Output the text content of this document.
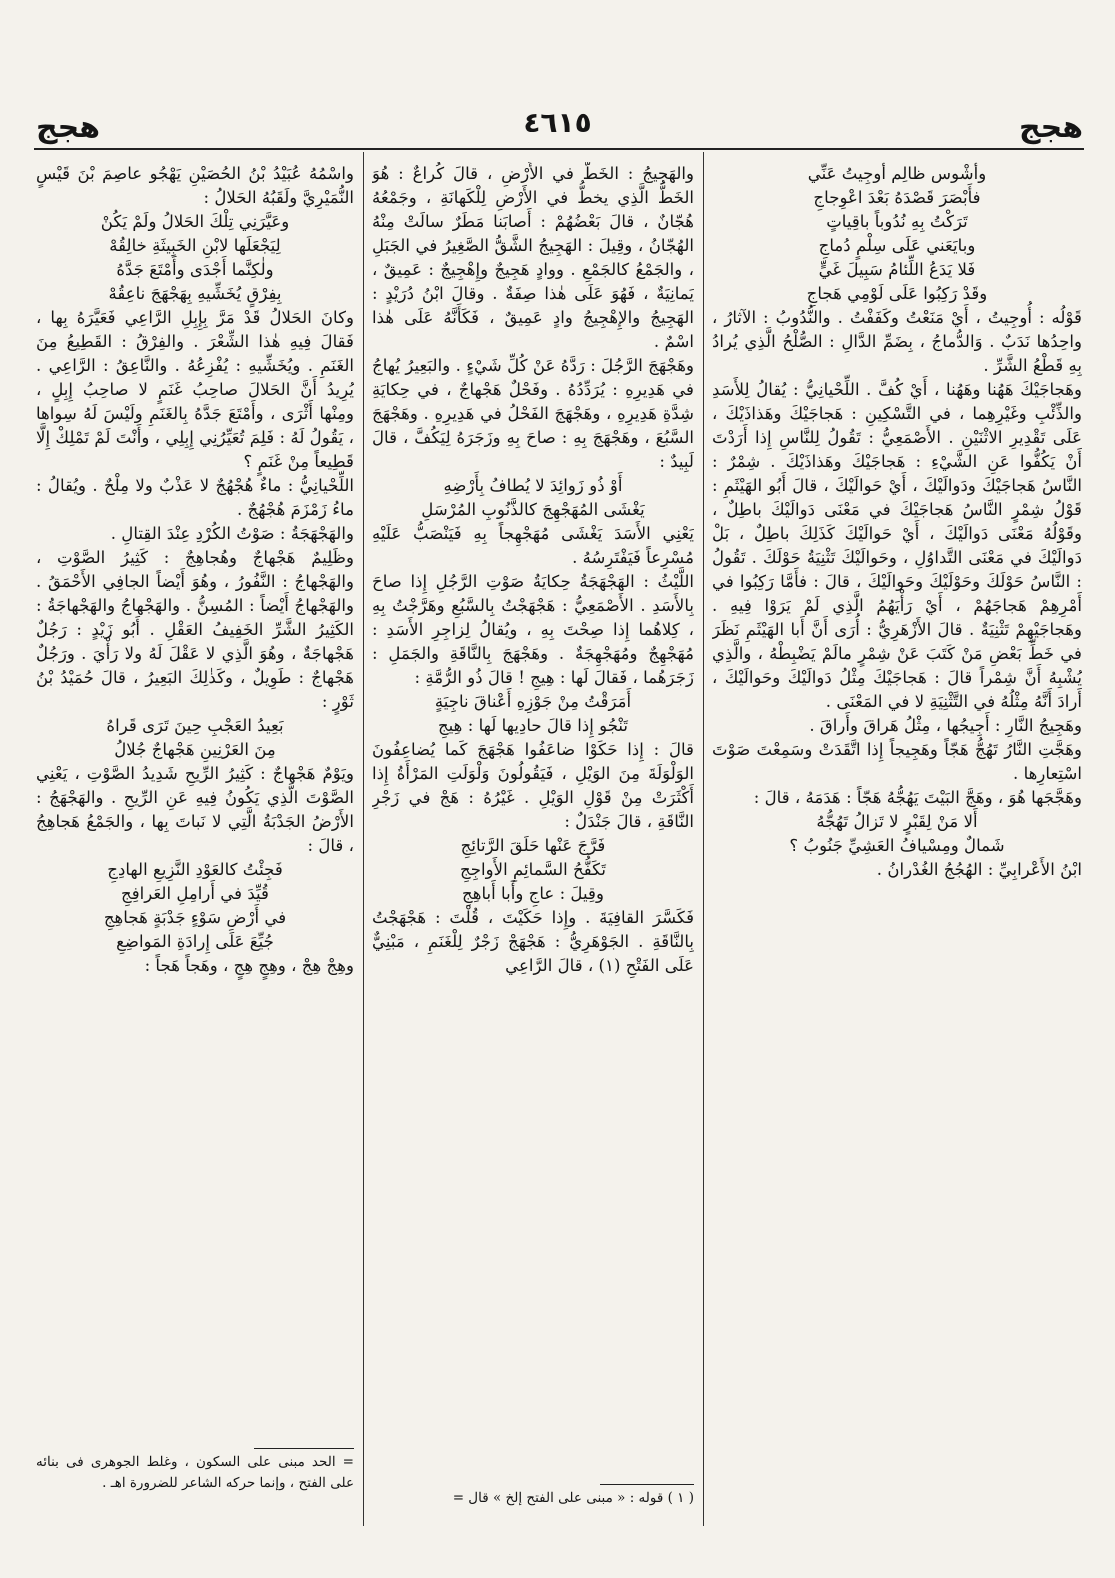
هجج
٤٦١٥
هجج

وأشْوس ظالِم أُوجِيتُ عَنِّي

فأَبْصَرَ قَصْدَهُ بَعْدَ اعْوِجاجِ

تَرَكْتُ بِهِ نُدُوباً باقِياتٍ

وبايَعَني عَلَى سِلْمٍ دُماجِ

فَلا يَدَعُ اللِّئامُ سَبِيلَ غَيٍّ

وقَدْ رَكِبُوا عَلَى لَوْمِي هَجاجِ

قَوْلُه : أُوجِيتُ ، أَيْ مَنَعْتُ وكَفَفْتُ . والنُّدُوبُ : الآثارُ ، واحِدُها نَدَبٌ . وَالدُّماجُ ، بِضَمِّ الدَّالِ : الصُّلْحُ الَّذِي يُرادُ بِهِ قَطْعُ الشَّرِّ .

وهَجاجَيْكَ هَهُنا وهَهُنا ، أَيْ كُفَّ . اللِّحْيانِيُّ : يُقالُ لِلأَسَدِ والذِّئْبِ وغَيْرِهِما ، في التَّسْكِينِ : هَجاجَيْكَ وهَذاذَيْكَ ، عَلَى تَقْدِيرِ الاثْنَيْنِ . الأَصْمَعِيُّ : تَقُولُ لِلنَّاسِ إِذا أَرَدْتَ أَنْ يَكُفُّوا عَنِ الشَّيْءِ : هَجاجَيْكَ وهَذاذَيْكَ . شِمْرٌ : النَّاسُ هَجاجَيْكَ ودَوالَيْكَ ، أَيْ حَوالَيْكَ ، قالَ أَبُو الهَيْثَمِ : قَوْلُ شِمْرٍ النَّاسُ هَجاجَيْكَ في مَعْنَى دَوالَيْكَ باطِلٌ ، وقَوْلُهُ مَعْنَى دَوالَيْكَ ، أَيْ حَوالَيْكَ كَذَلِكَ باطِلٌ ، بَلْ دَوالَيْكَ في مَعْنَى التَّداوُلِ ، وحَوالَيْكَ تَثْنِيَةُ حَوْلَكَ . تَقُولُ : النَّاسُ حَوْلَكَ وحَوْلَيْكَ وحَوالَيْكَ ، قالَ : فأَمَّا رَكِبُوا في أَمْرِهِمْ هَجاجَهُمْ ، أَيْ رَأْيَهُمُ الَّذِي لَمْ يَرَوْا فِيهِ . وهَجاجَيْهِمْ تَثْنِيَةٌ . قالَ الأَزْهَرِيُّ : أُرَى أَنَّ أَبا الهَيْثَمِ نَظَرَ في خَطِّ بَعْضِ مَنْ كَتَبَ عَنْ شِمْرٍ مالَمْ يَضْبِطْهُ ، والَّذِي يُشْبِهُ أَنَّ شِمْراً قالَ : هَجاجَيْكَ مِثْلُ دَوالَيْكَ وحَوالَيْكَ ، أَرادَ أَنَّهُ مِثْلُهُ في التَّثْنِيَةِ لا في المَعْنَى .

وهَجِيجُ النَّارِ : أَجِيجُها ، مِثْلُ هَراقَ وأَراقَ .

وهَجَّتِ النَّارُ تَهُجُّ هَجّاً وهَجِيجاً إِذا اتَّقَدَتْ وسَمِعْتَ صَوْتَ اسْتِعارِها .

وهَجَّجَها هُوَ ، وهَجَّ البَيْتَ يَهُجُّهُ هَجّاً : هَدَمَهُ ، قالَ :

أَلا مَنْ لِقَبْرٍ لا تَزالُ تَهُجُّهُ

شَمالٌ ومِسْيافُ العَشِيِّ جَنُوبُ ؟

ابْنُ الأَعْرابِيِّ : الهُجُجُ الغُدْرانُ .

والهَجِيجُ : الخَطُّ في الأَرْضِ ، قالَ كُراعٌ : هُوَ الخَطُّ الَّذِي يخطُّ في الأَرْضِ لِلْكَهانَةِ ، وجَمْعُهُ هُجّانٌ ، قالَ بَعْضُهُمْ : أَصابَنا مَطَرٌ سالَتْ مِنْهُ الهُجّانُ ، وقِيلَ : الهَجِيجُ الشَّقُّ الصَّغِيرُ في الجَبَلِ ، والجَمْعُ كالجَمْعِ . ووادٍ هَجِيجٌ وإِهْجِيجٌ : عَمِيقٌ ، يَمانِيَةٌ ، فَهُوَ عَلَى هٰذا صِفَةٌ . وقالَ ابْنُ دُرَيْدٍ : الهَجِيجُ والإِهْجِيجُ وادٍ عَمِيقٌ ، فَكَأَنَّهُ عَلَى هٰذا اسْمٌ .

وهَجْهَجَ الرَّجُلَ : رَدَّهُ عَنْ كُلِّ شَيْءٍ . والبَعِيرُ يُهاجُ في هَدِيرِهِ : يُرَدِّدُهُ . وفَحْلٌ هَجْهاجٌ ، في حِكايَةِ شِدَّةِ هَدِيرِهِ ، وهَجْهَجَ الفَحْلُ في هَدِيرِهِ . وهَجْهَجَ السَّبُعَ ، وهَجْهَجَ بِهِ : صاحَ بِهِ وزَجَرَهُ لِيَكُفَّ ، قالَ لَبِيدٌ :

أَوْ ذُو زَوائِدَ لا يُطافُ بِأَرْضِهِ

يَغْشَى المُهَجْهِجَ كالذَّنُوبِ المُرْسَلِ

يَعْنِي الأَسَدَ يَغْشَى مُهَجْهِجاً بِهِ فَيَنْصَبُّ عَلَيْهِ مُسْرِعاً فَيَفْتَرِسُهُ .

اللَّيْثُ : الهَجْهَجَةُ حِكايَةُ صَوْتِ الرَّجُلِ إِذا صاحَ بِالأَسَدِ . الأَصْمَعِيُّ : هَجْهَجْتُ بِالسَّبُعِ وهَرَّجْتُ بِهِ ، كِلاهُما إِذا صِحْتَ بِهِ ، ويُقالُ لِزاجِرِ الأَسَدِ : مُهَجْهِجٌ ومُهَجْهِجَةٌ . وهَجْهَجَ بِالنَّاقَةِ والجَمَلِ : زَجَرَهُما ، فَقالَ لَها : هِيجِ ! قالَ ذُو الرُّمَّةِ :

أَمَرَقْتُ مِنْ جَوْزِهِ أَعْناقَ ناجِيَةٍ

تَنْجُو إِذا قالَ حادِيها لَها : هِيجِ

قالَ : إِذا حَكَوْا ضاعَفُوا هَجْهَجَ كَما يُضاعِفُونَ الوَلْوَلَةَ مِنَ الوَيْلِ ، فَيَقُولُونَ وَلْوَلَتِ المَرْأَةُ إِذا أَكْثَرَتْ مِنْ قَوْلِ الوَيْلِ . غَيْرُهُ : هَجْ في زَجْرِ النَّاقَةِ ، قالَ جَنْدَلٌ :

فَرَّجَ عَنْها حَلَقَ الرَّتائِجِ

تَكَفُّحُ السَّمائِمِ الأَواجِجِ

وقِيلَ : عاجِ وأَبا أَباهِجِ

فَكَسَّرَ القافِيَةَ . وإِذا حَكَيْتَ ، قُلْتَ : هَجْهَجْتُ بِالنَّاقَةِ . الجَوْهَرِيُّ : هَجْهَجْ زَجْرٌ لِلْغَنَمِ ، مَبْنِيٌّ عَلَى الفَتْحِ (١) ، قالَ الرَّاعِي

واسْمُهُ عُبَيْدُ بْنُ الحُصَيْنِ يَهْجُو عاصِمَ بْنَ قَيْسٍ النُّمَيْرِيَّ ولَقَبُهُ الحَلالُ :

وعَيَّرَنِي تِلْكَ الحَلالُ ولَمْ يَكُنْ

لِيَجْعَلَها لابْنِ الخَبِيثَةِ خالِقُهْ

ولٰكِنَّما أَجْدَى وأَمْتَعَ جَدَّهُ

بِفِرْقٍ يُخَشِّيهِ بِهَجْهَجَ ناعِقُهْ

وكانَ الحَلالُ قَدْ مَرَّ بِإِبِلِ الرَّاعِي فَعَيَّرَهُ بِها ، فَقالَ فِيهِ هٰذا الشِّعْرَ . والفِرْقُ : القَطِيعُ مِنَ الغَنَمِ . ويُخَشِّيهِ : يُفْزِعُهُ . والنَّاعِقُ : الرَّاعِي . يُرِيدُ أَنَّ الحَلالَ صاحِبُ غَنَمٍ لا صاحِبُ إِبِلٍ ، ومِنْها أَثْرَى ، وأَمْتَعَ جَدَّهُ بِالغَنَمِ ولَيْسَ لَهُ سِواها ، يَقُولُ لَهُ : فَلِمَ تُعَيِّرُنِي إِبِلِي ، وأَنْتَ لَمْ تَمْلِكْ إِلَّا قَطِيعاً مِنْ غَنَمٍ ؟

اللِّحْيانِيُّ : ماءٌ هُجْهُجٌ لا عَذْبٌ ولا مِلْحٌ . ويُقالُ : ماءُ زَمْزَمَ هُجْهُجٌ .

والهَجْهَجَةُ : صَوْتُ الكُرْدِ عِنْدَ القِتالِ .

وظَلِيمٌ هَجْهاجٌ وهُجاهِجٌ : كَثِيرُ الصَّوْتِ ، والهَجْهاجُ : النَّفُورُ ، وهُوَ أَيْضاً الجافِي الأَحْمَقُ . والهَجْهاجُ أَيْضاً : المُسِنُّ . والهَجْهاجُ والهَجْهاجَةُ : الكَثِيرُ الشَّرِّ الخَفِيفُ العَقْلِ . أَبُو زَيْدٍ : رَجُلٌ هَجْهاجَةٌ ، وهُوَ الَّذِي لا عَقْلَ لَهُ ولا رَأْيَ . ورَجُلٌ هَجْهاجٌ : طَوِيلٌ ، وكَذٰلِكَ البَعِيرُ ، قالَ حُمَيْدُ بْنُ ثَوْرٍ :

بَعِيدُ العَجْبِ حِينَ تَرَى قَراهُ

مِنَ العَرْنِينِ هَجْهاجٌ جُلالُ

ويَوْمٌ هَجْهاجٌ : كَثِيرُ الرِّيحِ شَدِيدُ الصَّوْتِ ، يَعْنِي الصَّوْتَ الَّذِي يَكُونُ فِيهِ عَنِ الرِّيحِ . والهَجْهَجُ : الأَرْضُ الجَدْبَةُ الَّتِي لا نَباتَ بِها ، والجَمْعُ هَجاهِجُ ، قالَ :

فَجِئْتُ كالعَوْدِ النَّزِيعِ الهادِجِ

قُيِّدَ في أَرامِلِ العَرافِجِ

في أَرْضِ سَوْءٍ جَدْبَةٍ هَجاهِجِ

جُيِّعَ عَلَى إِرادَةِ المَواضِعِ

وهِجْ هِجْ ، وهِجٍ هِجٍ ، وهَجاً هَجاً :

( ١ ) قوله : « مبنى على الفتح إلخ » قال =
= الحد مبنى على السكون ، وغلط الجوهرى فى بنائه على الفتح ، وإنما حركه الشاعر للضرورة اهـ .
